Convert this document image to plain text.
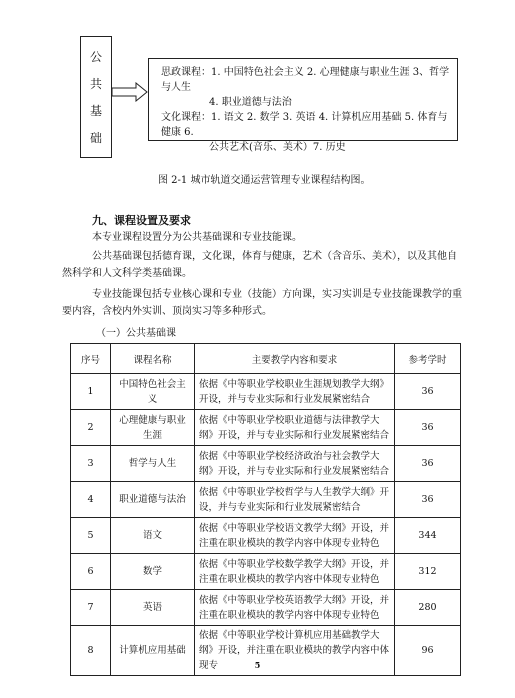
公
共
基
础

思政课程：1. 中国特色社会主义 2. 心理健康与职业生涯 3、哲学与人生

4. 职业道德与法治

文化课程：1. 语文 2. 数学 3. 英语 4. 计算机应用基础 5. 体育与健康 6.

公共艺术(音乐、美术）7. 历史

图 2-1 城市轨道交通运营管理专业课程结构图。
九、课程设置及要求

本专业课程设置分为公共基础课和专业技能课。

公共基础课包括德育课，文化课，体育与健康，艺术（含音乐、美术），以及其他自然科学和人文科学类基础课。

专业技能课包括专业核心课和专业（技能）方向课，实习实训是专业技能课教学的重要内容，含校内外实训、顶岗实习等多种形式。

（一）公共基础课
序号	课程名称	主要教学内容和要求	参考学时
1	中国特色社会主义	依据《中等职业学校职业生涯规划教学大纲》开设，并与专业实际和行业发展紧密结合	36
2	心理健康与职业生涯	依据《中等职业学校职业道德与法律教学大纲》开设，并与专业实际和行业发展紧密结合	36
3	哲学与人生	依据《中等职业学校经济政治与社会教学大纲》开设，并与专业实际和行业发展紧密结合	36
4	职业道德与法治	依据《中等职业学校哲学与人生教学大纲》开设，并与专业实际和行业发展紧密结合	36
5	语文	依据《中等职业学校语文教学大纲》开设，并注重在职业模块的教学内容中体现专业特色	344
6	数学	依据《中等职业学校数学教学大纲》开设，并注重在职业模块的教学内容中体现专业特色	312
7	英语	依据《中等职业学校英语教学大纲》开设，并注重在职业模块的教学内容中体现专业特色	280
8	计算机应用基础	依据《中等职业学校计算机应用基础教学大纲》开设，并注重在职业模块的教学内容中体现专	96
5
